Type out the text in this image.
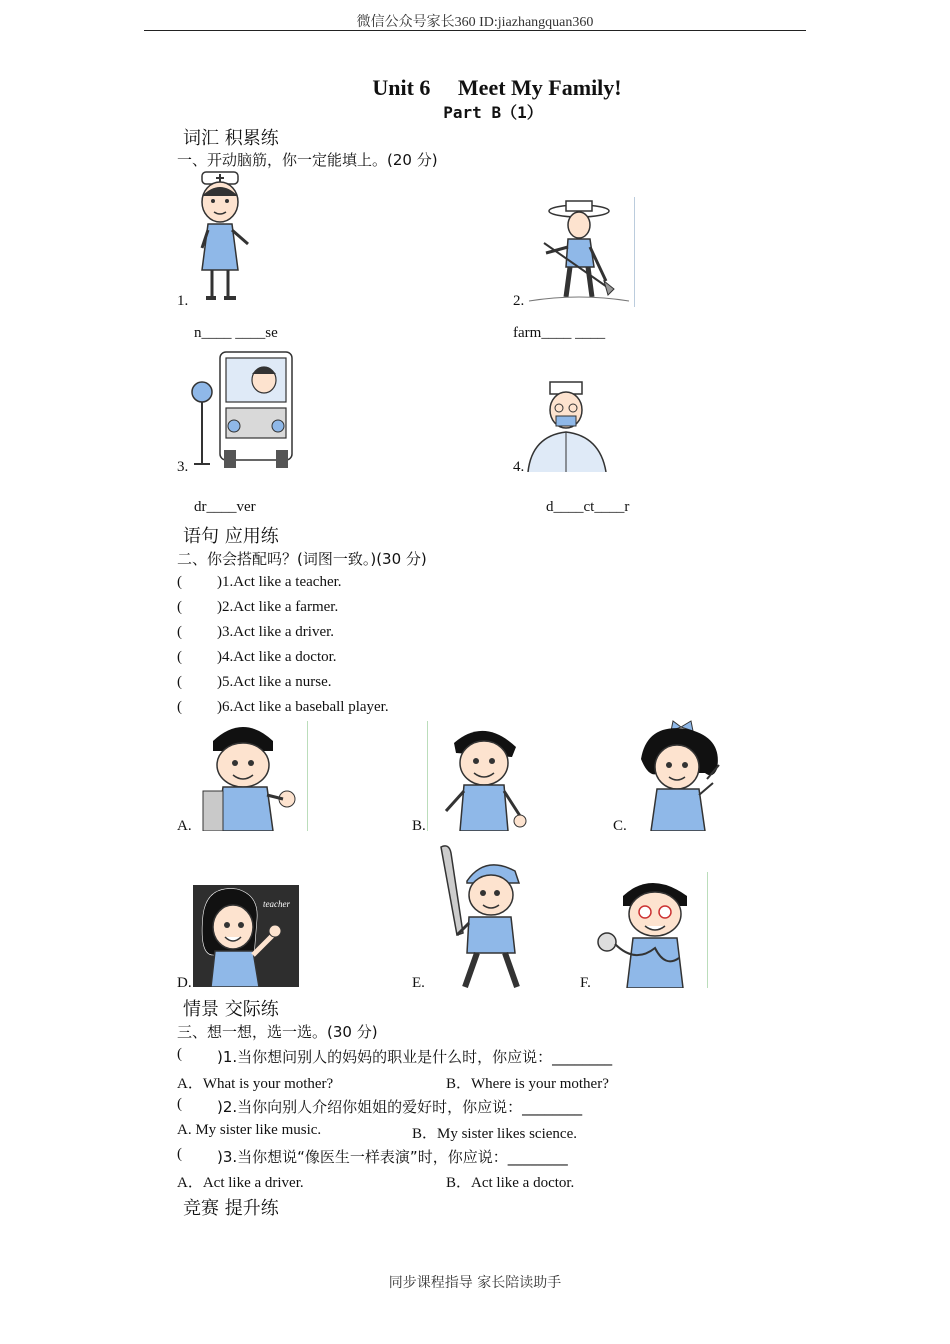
微信公众号家长360 ID:jiazhangquan360
Unit 6　 Meet My Family!
Part B（1）
词汇 积累练
一、开动脑筋，你一定能填上。(20 分)
1.
n____ ____se
2.
farm____ ____
3.
dr____ver
4.
d____ct____r
语句 应用练
二、你会搭配吗？(词图一致。)(30 分)
( )1.Act like a teacher.
( )2.Act like a farmer.
( )3.Act like a driver.
( )4.Act like a doctor.
( )5.Act like a nurse.
( )6.Act like a baseball player.
A.	B.	C.
teacher
D.	E.	F.
情景 交际练
三、想一想，选一选。(30 分)
( )1.当你想问别人的妈妈的职业是什么时，你应说：________
A．What is your mother?	B．Where is your mother?
( )2.当你向别人介绍你姐姐的爱好时，你应说：________
A. My sister like music.	B．My sister likes science.
( )3.当你想说“像医生一样表演”时，你应说：________
A．Act like a driver.	B．Act like a doctor.
竞赛 提升练
同步课程指导 家长陪读助手
